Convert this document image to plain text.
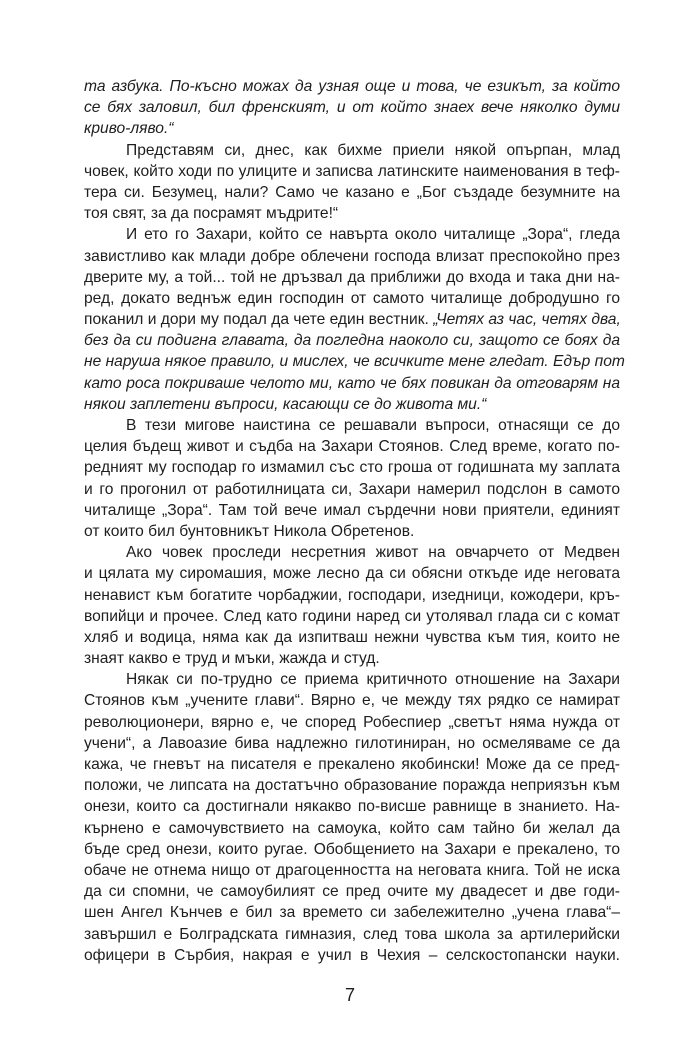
та азбука. По-късно можах да узная още и това, че езикът, за който
се бях заловил, бил френският, и от който знаех вече няколко думи
криво-ляво.“
Представям си, днес, как бихме приели някой опърпан, млад
човек, който ходи по улиците и записва латинските наименования в теф-
тера си. Безумец, нали? Само че казано е „Бог създаде безумните на
тоя свят, за да посрамят мъдрите!“
И ето го Захари, който се навърта около читалище „Зора“, гледа
завистливо как млади добре облечени господа влизат преспокойно през
дверите му, а той... той не дръзвал да приближи до входа и така дни на-
ред, докато веднъж един господин от самото читалище добродушно го
поканил и дори му подал да чете един вестник. „Четях аз час, четях два,
без да си подигна главата, да погледна наоколо си, защото се боях да
не наруша някое правило, и мислех, че всичките мене гледат. Едър пот
като роса покриваше челото ми, като че бях повикан да отговарям на
някои заплетени въпроси, касающи се до живота ми.“
В тези мигове наистина се решавали въпроси, отнасящи се до
целия бъдещ живот и съдба на Захари Стоянов. След време, когато по-
редният му господар го измамил със сто гроша от годишната му заплата
и го прогонил от работилницата си, Захари намерил подслон в самото
читалище „Зора“. Там той вече имал сърдечни нови приятели, единият
от които бил бунтовникът Никола Обретенов.
Ако човек проследи несретния живот на овчарчето от Медвен
и цялата му сиромашия, може лесно да си обясни откъде иде неговата
ненавист към богатите чорбаджии, господари, изедници, кожодери, кръ-
вопийци и прочее. След като години наред си утолявал глада си с комат
хляб и водица, няма как да изпитваш нежни чувства към тия, които не
знаят какво е труд и мъки, жажда и студ.
Някак си по-трудно се приема критичното отношение на Захари
Стоянов към „учените глави“. Вярно е, че между тях рядко се намират
революционери, вярно е, че според Робеспиер „светът няма нужда от
учени“, а Лавоазие бива надлежно гилотиниран, но осмеляваме се да
кажа, че гневът на писателя е прекалено якобински! Може да се пред-
положи, че липсата на достатъчно образование поражда неприязън към
онези, които са достигнали някакво по-висше равнище в знанието. На-
кърнено е самочувствието на самоука, който сам тайно би желал да
бъде сред онези, които ругае. Обобщението на Захари е прекалено, то
обаче не отнема нищо от драгоценността на неговата книга. Той не иска
да си спомни, че самоубилият се пред очите му двадесет и две годи-
шен Ангел Кънчев е бил за времето си забележително „учена глава“–
завършил е Болградската гимназия, след това школа за артилерийски
офицери в Сърбия, накрая е учил в Чехия – селскостопански науки.
7
